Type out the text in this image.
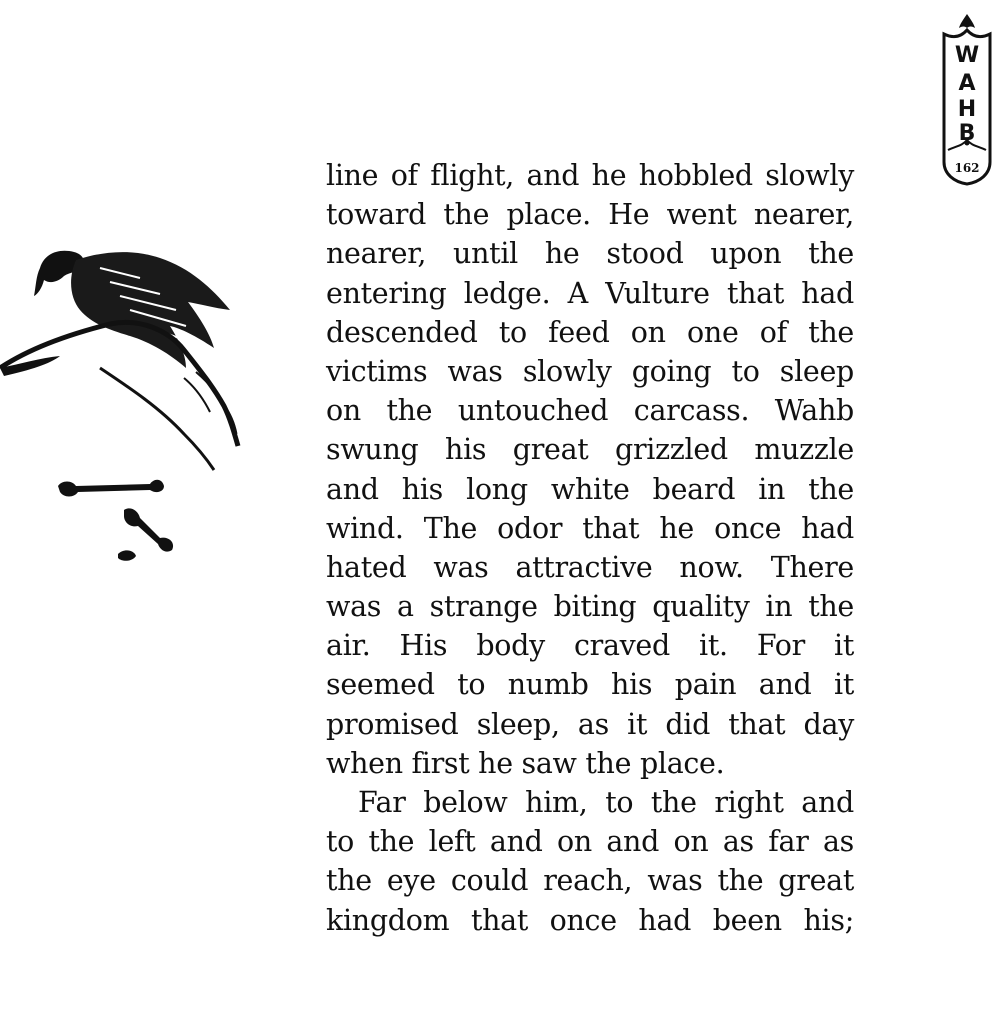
W
A
H
B
162
line of flight, and he hobbled slowly
toward the place. He went nearer,
nearer, until he stood upon the
entering ledge. A Vulture that had
descended to feed on one of the
victims was slowly going to sleep
on the untouched carcass. Wahb
swung his great grizzled muzzle
and his long white beard in the
wind. The odor that he once had
hated was attractive now. There
was a strange biting quality in the
air. His body craved it. For it
seemed to numb his pain and it
promised sleep, as it did that day
when first he saw the place.
Far below him, to the right and
to the left and on and on as far as
the eye could reach, was the great
kingdom that once had been his;
